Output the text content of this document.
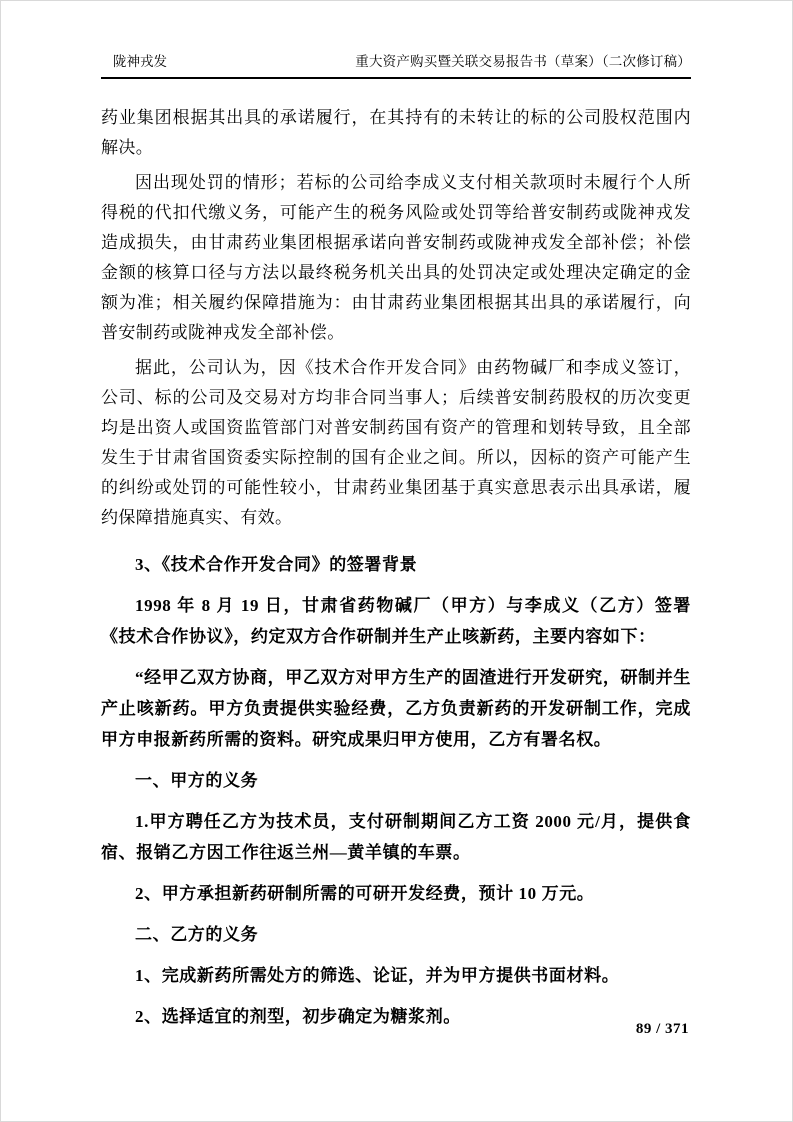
陇神戎发	重大资产购买暨关联交易报告书（草案）（二次修订稿）

药业集团根据其出具的承诺履行，在其持有的未转让的标的公司股权范围内解决。

因出现处罚的情形；若标的公司给李成义支付相关款项时未履行个人所得税的代扣代缴义务，可能产生的税务风险或处罚等给普安制药或陇神戎发造成损失，由甘肃药业集团根据承诺向普安制药或陇神戎发全部补偿；补偿金额的核算口径与方法以最终税务机关出具的处罚决定或处理决定确定的金额为准；相关履约保障措施为：由甘肃药业集团根据其出具的承诺履行，向普安制药或陇神戎发全部补偿。

据此，公司认为，因《技术合作开发合同》由药物碱厂和李成义签订，公司、标的公司及交易对方均非合同当事人；后续普安制药股权的历次变更均是出资人或国资监管部门对普安制药国有资产的管理和划转导致，且全部发生于甘肃省国资委实际控制的国有企业之间。所以，因标的资产可能产生的纠纷或处罚的可能性较小，甘肃药业集团基于真实意思表示出具承诺，履约保障措施真实、有效。

3、《技术合作开发合同》的签署背景

1998 年 8 月 19 日，甘肃省药物碱厂（甲方）与李成义（乙方）签署《技术合作协议》，约定双方合作研制并生产止咳新药，主要内容如下：

“经甲乙双方协商，甲乙双方对甲方生产的固渣进行开发研究，研制并生产止咳新药。甲方负责提供实验经费，乙方负责新药的开发研制工作，完成甲方申报新药所需的资料。研究成果归甲方使用，乙方有署名权。

一、甲方的义务

1.甲方聘任乙方为技术员，支付研制期间乙方工资 2000 元/月，提供食宿、报销乙方因工作往返兰州—黄羊镇的车票。

2、甲方承担新药研制所需的可研开发经费，预计 10 万元。

二、乙方的义务

1、完成新药所需处方的筛选、论证，并为甲方提供书面材料。

2、选择适宜的剂型，初步确定为糖浆剂。

89 / 371
